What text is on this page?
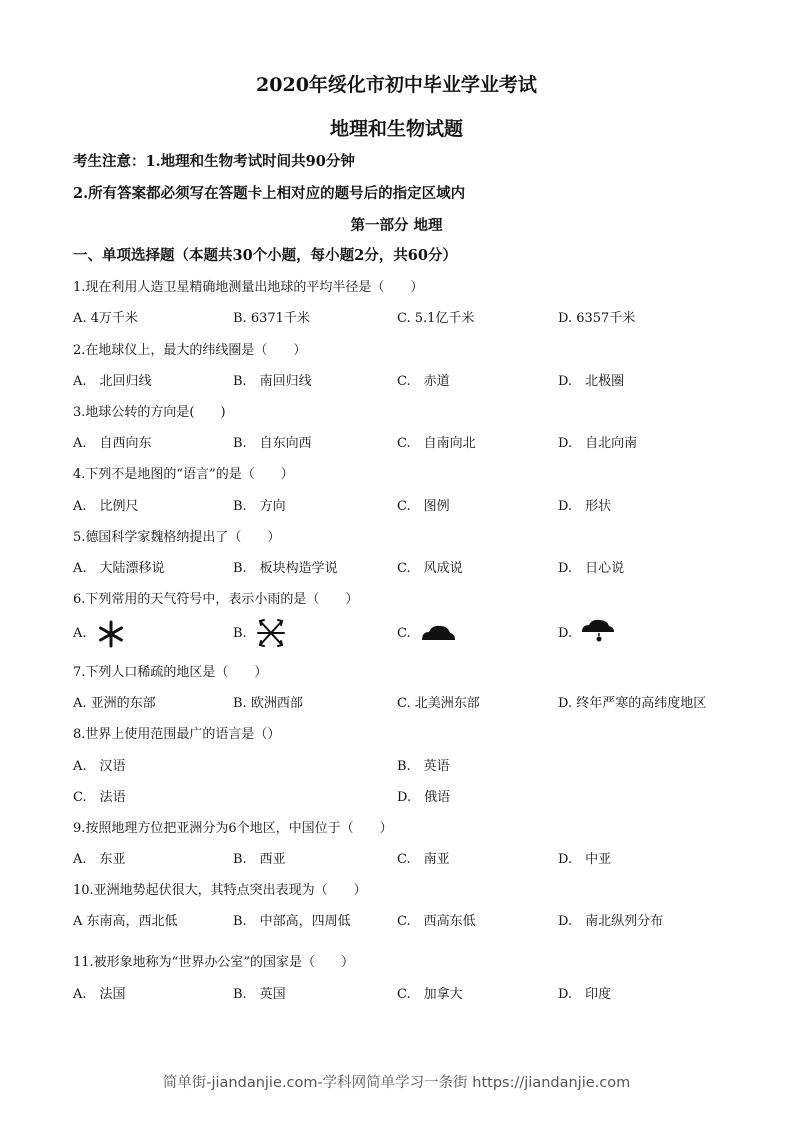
2020年绥化市初中毕业学业考试
地理和生物试题
考生注意：1.地理和生物考试时间共90分钟
2.所有答案都必须写在答题卡上相对应的题号后的指定区域内
第一部分 地理
一、单项选择题（本题共30个小题，每小题2分，共60分）
1.现在利用人造卫星精确地测量出地球的平均半径是（　　）
A. 4万千米	B. 6371千米	C. 5.1亿千米	D. 6357千米
2.在地球仪上，最大的纬线圈是（　　）
A.　北回归线	B.　南回归线	C.　赤道	D.　北极圈
3.地球公转的方向是(　　)
A.　自西向东	B.　自东向西	C.　自南向北	D.　自北向南
4.下列不是地图的“语言”的是（　　）
A.　比例尺	B.　方向	C.　图例	D.　形状
5.德国科学家魏格纳提出了（　　）
A.　大陆漂移说	B.　板块构造学说	C.　风成说	D.　日心说
6.下列常用的天气符号中，表示小雨的是（　　）
A.	B.	C.	D.
7.下列人口稀疏的地区是（　　）
A. 亚洲的东部	B. 欧洲西部	C. 北美洲东部	D. 终年严寒的高纬度地区
8.世界上使用范围最广的语言是（）
A.　汉语	B.　英语
C.　法语	D.　俄语
9.按照地理方位把亚洲分为6个地区，中国位于（　　）
A.　东亚	B.　西亚	C.　南亚	D.　中亚
10.亚洲地势起伏很大，其特点突出表现为（　　）
A 东南高，西北低	B.　中部高，四周低	C.　西高东低	D.　南北纵列分布
11.被形象地称为“世界办公室”的国家是（　　）
A.　法国	B.　英国	C.　加拿大	D.　印度
简单街-jiandanjie.com-学科网简单学习一条街 https://jiandanjie.com
